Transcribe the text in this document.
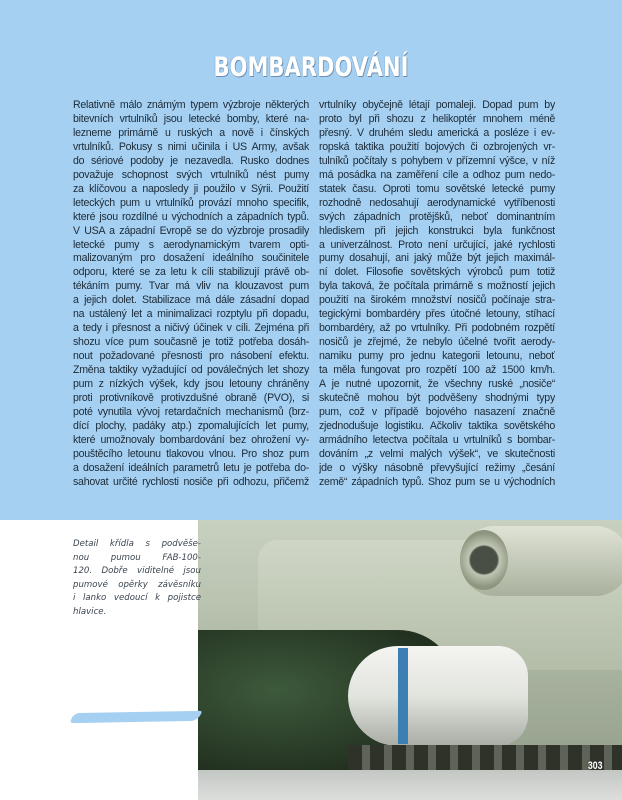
BOMBARDOVÁNÍ
Relativně málo známým typem výzbroje některých
bitevních vrtulníků jsou letecké bomby, které na-
lezneme primárně u ruských a nově i čínských
vrtulníků. Pokusy s nimi učinila i US Army, avšak
do sériové podoby je nezavedla. Rusko dodnes
považuje schopnost svých vrtulníků nést pumy
za klíčovou a naposledy ji použilo v Sýrii. Použití
leteckých pum u vrtulníků provází mnoho specifik,
které jsou rozdílné u východních a západních typů.
V USA a západní Evropě se do výzbroje prosadily
letecké pumy s aerodynamickým tvarem opti-
malizovaným pro dosažení ideálního součinitele
odporu, které se za letu k cíli stabilizují právě ob-
tékáním pumy. Tvar má vliv na klouzavost pum
a jejich dolet. Stabilizace má dále zásadní dopad
na ustálený let a minimalizaci rozptylu při dopadu,
a tedy i přesnost a ničivý účinek v cíli. Zejména při
shozu více pum současně je totiž potřeba dosáh-
nout požadované přesnosti pro násobení efektu.
Změna taktiky vyžadující od poválečných let shozy
pum z nízkých výšek, kdy jsou letouny chráněny
proti protivníkově protivzdušné obraně (PVO), si
poté vynutila vývoj retardačních mechanismů (brz-
dící plochy, padáky atp.) zpomalujících let pumy,
které umožnovaly bombardování bez ohrožení vy-
pouštěcího letounu tlakovou vlnou. Pro shoz pum
a dosažení ideálních parametrů letu je potřeba do-
sahovat určité rychlosti nosiče při odhozu, přičemž
vrtulníky obyčejně létají pomaleji. Dopad pum by
proto byl při shozu z helikoptér mnohem méně
přesný. V druhém sledu americká a posléze i ev-
ropská taktika použití bojových či ozbrojených vr-
tulníků počítaly s pohybem v přízemní výšce, v níž
má posádka na zaměření cíle a odhoz pum nedo-
statek času. Oproti tomu sovětské letecké pumy
rozhodně nedosahují aerodynamické vytříbenosti
svých západních protějšků, neboť dominantním
hlediskem při jejich konstrukci byla funkčnost
a univerzálnost. Proto není určující, jaké rychlosti
pumy dosahují, ani jaký může být jejich maximál-
ní dolet. Filosofie sovětských výrobců pum totiž
byla taková, že počítala primárně s možností jejich
použití na širokém množství nosičů počínaje stra-
tegickými bombardéry přes útočné letouny, stíhací
bombardéry, až po vrtulníky. Při podobném rozpětí
nosičů je zřejmé, že nebylo účelné tvořit aerody-
namiku pumy pro jednu kategorii letounu, neboť
ta měla fungovat pro rozpětí 100 až 1500 km/h.
A je nutné upozornit, že všechny ruské „nosiče“
skutečně mohou být podvěšeny shodnými typy
pum, což v případě bojového nasazení značně
zjednodušuje logistiku. Ačkoliv taktika sovětského
armádního letectva počítala u vrtulníků s bombar-
dováním „z velmi malých výšek“, ve skutečnosti
jde o výšky násobně převyšující režimy „česání
země“ západních typů. Shoz pum se u východních
303
Detail křídla s podvěše-
nou pumou FAB-100-
120. Dobře viditelné jsou
pumové opěrky závěsníku
i lanko vedoucí k pojistce
hlavice.
